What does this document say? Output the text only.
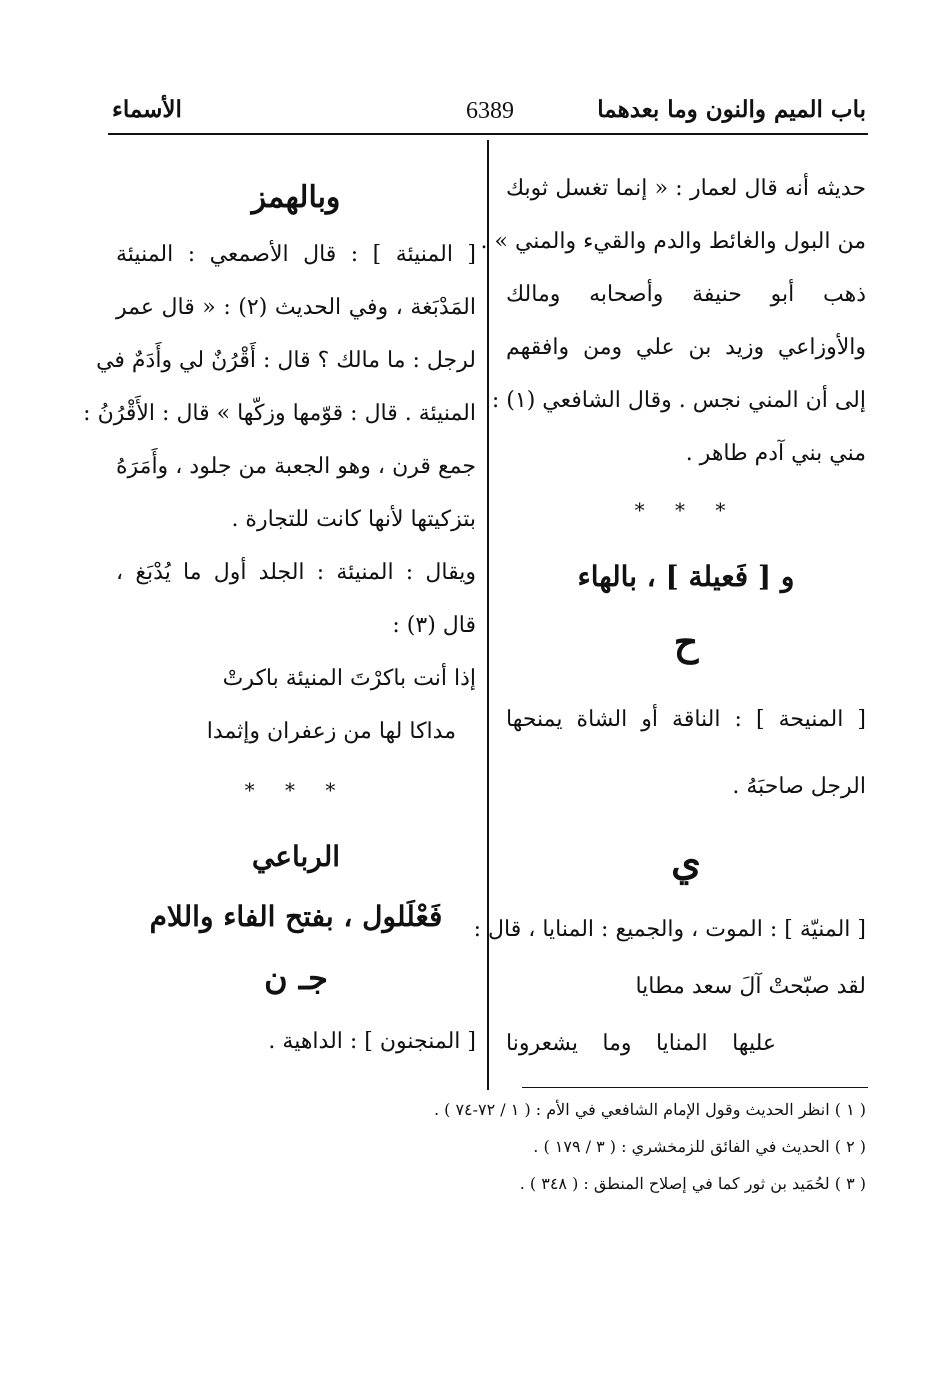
باب الميم والنون وما بعدهما
6389
الأسماء
حديثه أنه قال لعمار : « إنما تغسل ثوبك
من البول والغائط والدم والقيء والمني » .
ذهب أبو حنيفة وأصحابه ومالك
والأوزاعي وزيد بن علي ومن وافقهم
إلى أن المني نجس . وقال الشافعي (١) :
مني بني آدم طاهر .
* * *
و [ فَعيلة ] ، بالهاء
ح
[ المنيحة ] : الناقة أو الشاة يمنحها
الرجل صاحبَهُ .
ي
[ المنيّة ] : الموت ، والجميع : المنايا ، قال :
لقد صبّحتْ آلَ سعد مطايا
عليها المنايا وما يشعرونا
وبالهمز
[ المنيئة ] : قال الأصمعي : المنيئة
المَدْبَغة ، وفي الحديث (٢) : « قال عمر
لرجل : ما مالك ؟ قال : أَقْرُنٌ لي وأَدَمٌ في
المنيئة . قال : قوّمها وزكّها » قال : الأَقْرُنُ :
جمع قرن ، وهو الجعبة من جلود ، وأَمَرَهُ
بتزكيتها لأنها كانت للتجارة .
ويقال : المنيئة : الجلد أول ما يُدْبَغ ،
قال (٣) :
إذا أنت باكرْتَ المنيئة باكرتْ
مداكا لها من زعفران وإثمدا
* * *
الرباعي
فَعْلَلول ، بفتح الفاء واللام
جـ ن
[ المنجنون ] : الداهية .
( ١ ) انظر الحديث وقول الإمام الشافعي في الأم : ( ١ / ٧٢-٧٤ ) .
( ٢ ) الحديث في الفائق للزمخشري : ( ٣ / ١٧٩ ) .
( ٣ ) لحُمَيد بن ثور كما في إصلاح المنطق : ( ٣٤٨ ) .
